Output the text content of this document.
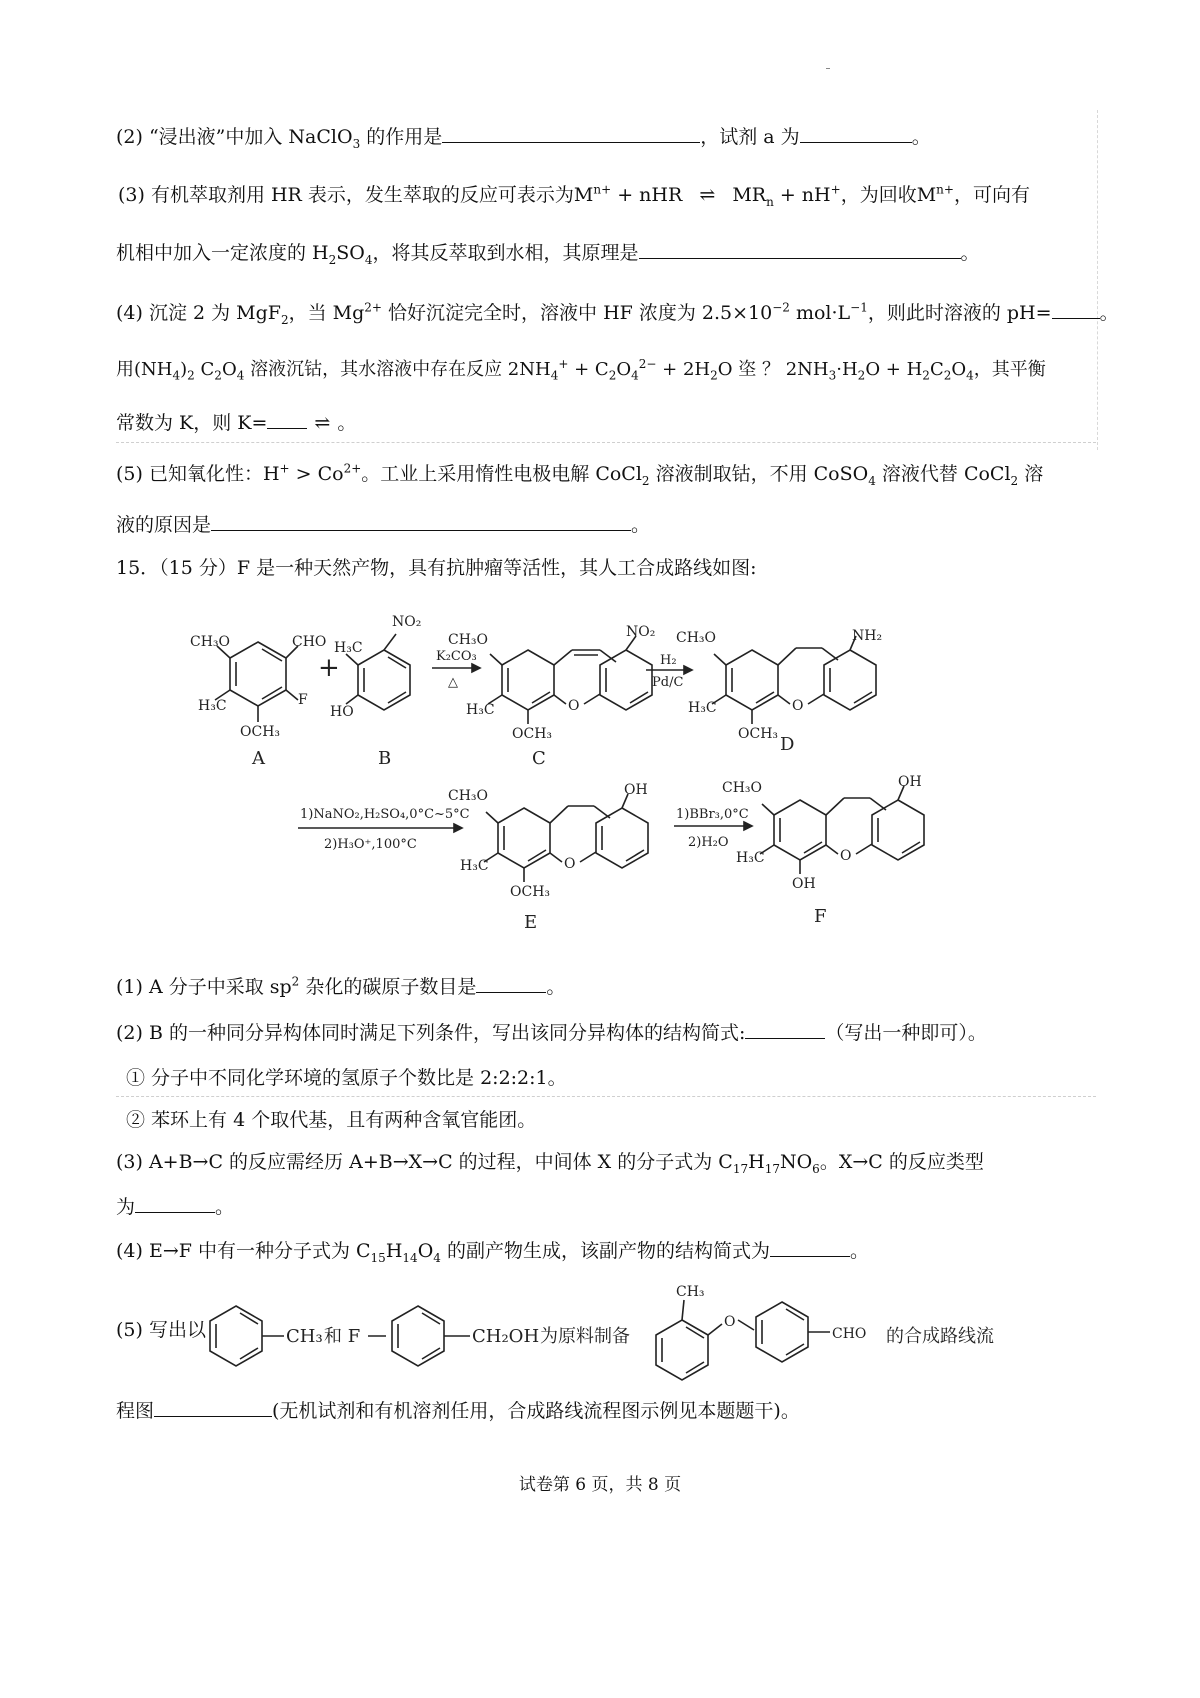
(2) “浸出液”中加入 NaClO$_3$ 的作用是	，试剂 a 为	。
(3) 有机萃取剂用 HR 表示，发生萃取的反应可表示为$M^{n+}$ + nHR ⇌ $MR_n + nH^+$，为回收$M^{n+}$，可向有
机相中加入一定浓度的 $H_2SO_4$，将其反萃取到水相，其原理是	。
(4) 沉淀 2 为 MgF$_2$，当 $Mg^{2+}$ 恰好沉淀完全时，溶液中 HF 浓度为 $2.5\times 10^{-2}$ $mol\cdot L^{-1}$，则此时溶液的 pH=	。
用$(NH_4)_2$ $C_2O_4$ 溶液沉钴，其水溶液中存在反应 $2NH_4^+ + C_2O_4^{2-} + 2H_2O$ 垐 ？ $2NH_3\cdot H_2O + H_2C_2O_4$，其平衡
常数为 K，则 K= ⇌ 。
(5) 已知氧化性：$H^+ > Co^{2+}$。工业上采用惰性电极电解 CoCl$_2$ 溶液制取钴，不用 CoSO$_4$ 溶液代替 CoCl$_2$ 溶
液的原因是	。
15．（15 分）F 是一种天然产物，具有抗肿瘤等活性，其人工合成路线如图:
CH₃O	CHO
H₃C	F
OCH₃
A
+
NO₂
H₃C
HO
B
K₂CO₃
△
CH₃O	NO₂
H₃C	O
OCH₃
C
H₂
Pd/C
CH₃O	NH₂
H₃C	O
OCH₃ D
1)NaNO₂,H₂SO₄,0°C~5°C
2)H₃O⁺,100°C
CH₃O	OH
H₃C	O
OCH₃
E
1)BBr₃,0°C
2)H₂O
CH₃O	OH
H₃C	O
OH
F
(1) A 分子中采取 $sp^2$ 杂化的碳原子数目是	。
(2) B 的一种同分异构体同时满足下列条件，写出该同分异构体的结构简式:	（写出一种即可）。
① 分子中不同化学环境的氢原子个数比是 2:2:2:1。
② 苯环上有 4 个取代基，且有两种含氧官能团。
(3) A+B→C 的反应需经历 A+B→X→C 的过程，中间体 X 的分子式为 $C_{17}H_{17}NO_6$。X→C 的反应类型
为	。
(4) E→F 中有一种分子式为 $C_{15}H_{14}O_4$ 的副产物生成，该副产物的结构简式为	。
(5) 写出以	CH₃ 和 F	CH₂OH 为原料制备
CH₃
O
CHO 的合成路线流
程图	(无机试剂和有机溶剂任用，合成路线流程图示例见本题题干)。
试卷第 6 页，共 8 页
